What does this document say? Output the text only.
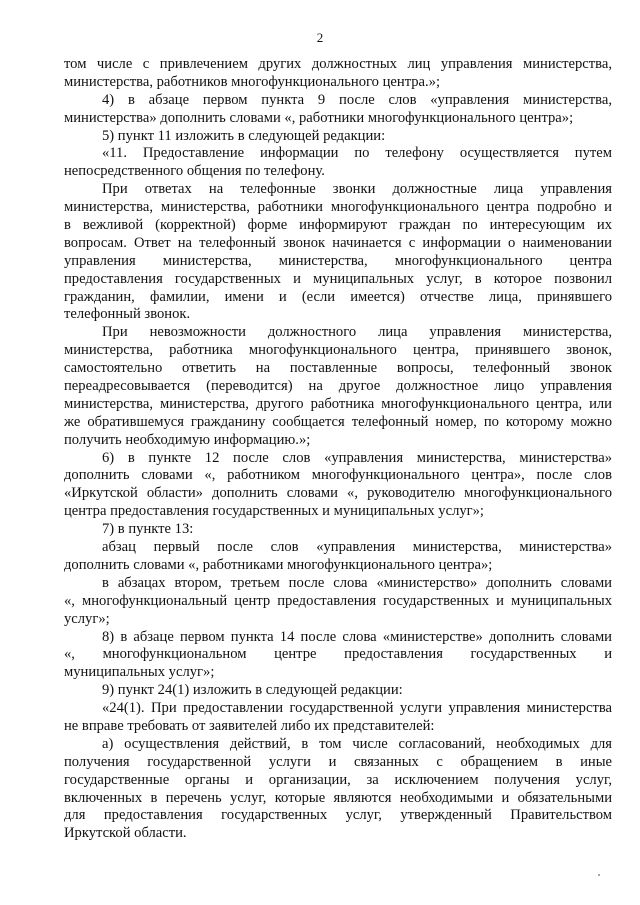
2
том числе с привлечением других должностных лиц управления министерства,
министерства, работников многофункционального центра.»;
4) в абзаце первом пункта 9 после слов «управления министерства,
министерства» дополнить словами «, работники многофункционального центра»;
5) пункт 11 изложить в следующей редакции:
«11. Предоставление информации по телефону осуществляется путем
непосредственного общения по телефону.
При ответах на телефонные звонки должностные лица управления
министерства, министерства, работники многофункционального центра подробно и
в вежливой (корректной) форме информируют граждан по интересующим их
вопросам. Ответ на телефонный звонок начинается с информации о наименовании
управления министерства, министерства, многофункционального центра
предоставления государственных и муниципальных услуг, в которое позвонил
гражданин, фамилии, имени и (если имеется) отчестве лица, принявшего
телефонный звонок.
При невозможности должностного лица управления министерства,
министерства, работника многофункционального центра, принявшего звонок,
самостоятельно ответить на поставленные вопросы, телефонный звонок
переадресовывается (переводится) на другое должностное лицо управления
министерства, министерства, другого работника многофункционального центра, или
же обратившемуся гражданину сообщается телефонный номер, по которому можно
получить необходимую информацию.»;
6) в пункте 12 после слов «управления министерства, министерства»
дополнить словами «, работником многофункционального центра», после слов
«Иркутской области» дополнить словами «, руководителю многофункционального
центра предоставления государственных и муниципальных услуг»;
7) в пункте 13:
абзац первый после слов «управления министерства, министерства»
дополнить словами «, работниками многофункционального центра»;
в абзацах втором, третьем после слова «министерство» дополнить словами
«, многофункциональный центр предоставления государственных и муниципальных
услуг»;
8) в абзаце первом пункта 14 после слова «министерстве» дополнить словами
«, многофункциональном центре предоставления государственных и
муниципальных услуг»;
9) пункт 24(1) изложить в следующей редакции:
«24(1). При предоставлении государственной услуги управления министерства
не вправе требовать от заявителей либо их представителей:
а) осуществления действий, в том числе согласований, необходимых для
получения государственной услуги и связанных с обращением в иные
государственные органы и организации, за исключением получения услуг,
включенных в перечень услуг, которые являются необходимыми и обязательными
для предоставления государственных услуг, утвержденный Правительством
Иркутской области.
